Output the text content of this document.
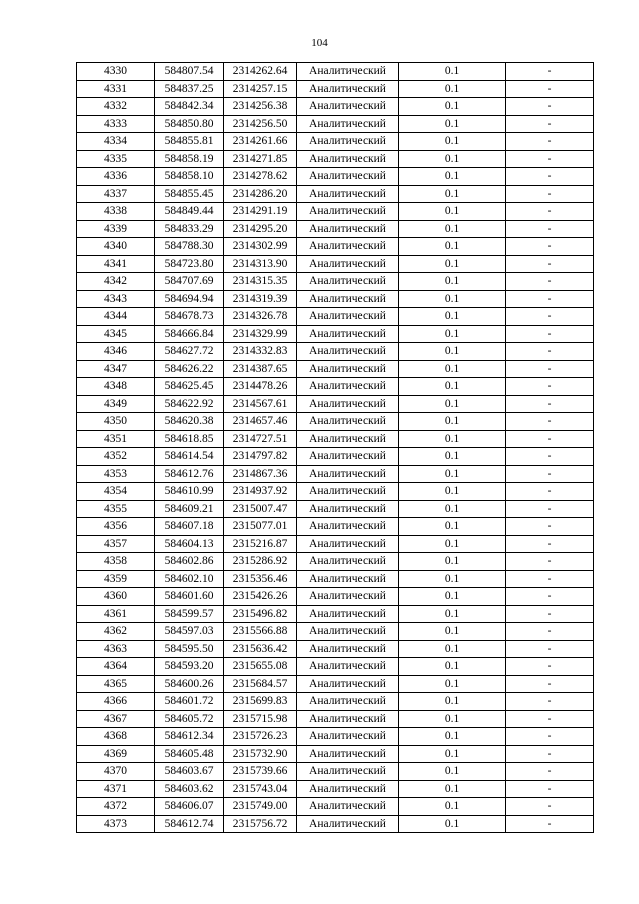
104
4330	584807.54	2314262.64	Аналитический	0.1	-
4331	584837.25	2314257.15	Аналитический	0.1	-
4332	584842.34	2314256.38	Аналитический	0.1	-
4333	584850.80	2314256.50	Аналитический	0.1	-
4334	584855.81	2314261.66	Аналитический	0.1	-
4335	584858.19	2314271.85	Аналитический	0.1	-
4336	584858.10	2314278.62	Аналитический	0.1	-
4337	584855.45	2314286.20	Аналитический	0.1	-
4338	584849.44	2314291.19	Аналитический	0.1	-
4339	584833.29	2314295.20	Аналитический	0.1	-
4340	584788.30	2314302.99	Аналитический	0.1	-
4341	584723.80	2314313.90	Аналитический	0.1	-
4342	584707.69	2314315.35	Аналитический	0.1	-
4343	584694.94	2314319.39	Аналитический	0.1	-
4344	584678.73	2314326.78	Аналитический	0.1	-
4345	584666.84	2314329.99	Аналитический	0.1	-
4346	584627.72	2314332.83	Аналитический	0.1	-
4347	584626.22	2314387.65	Аналитический	0.1	-
4348	584625.45	2314478.26	Аналитический	0.1	-
4349	584622.92	2314567.61	Аналитический	0.1	-
4350	584620.38	2314657.46	Аналитический	0.1	-
4351	584618.85	2314727.51	Аналитический	0.1	-
4352	584614.54	2314797.82	Аналитический	0.1	-
4353	584612.76	2314867.36	Аналитический	0.1	-
4354	584610.99	2314937.92	Аналитический	0.1	-
4355	584609.21	2315007.47	Аналитический	0.1	-
4356	584607.18	2315077.01	Аналитический	0.1	-
4357	584604.13	2315216.87	Аналитический	0.1	-
4358	584602.86	2315286.92	Аналитический	0.1	-
4359	584602.10	2315356.46	Аналитический	0.1	-
4360	584601.60	2315426.26	Аналитический	0.1	-
4361	584599.57	2315496.82	Аналитический	0.1	-
4362	584597.03	2315566.88	Аналитический	0.1	-
4363	584595.50	2315636.42	Аналитический	0.1	-
4364	584593.20	2315655.08	Аналитический	0.1	-
4365	584600.26	2315684.57	Аналитический	0.1	-
4366	584601.72	2315699.83	Аналитический	0.1	-
4367	584605.72	2315715.98	Аналитический	0.1	-
4368	584612.34	2315726.23	Аналитический	0.1	-
4369	584605.48	2315732.90	Аналитический	0.1	-
4370	584603.67	2315739.66	Аналитический	0.1	-
4371	584603.62	2315743.04	Аналитический	0.1	-
4372	584606.07	2315749.00	Аналитический	0.1	-
4373	584612.74	2315756.72	Аналитический	0.1	-
